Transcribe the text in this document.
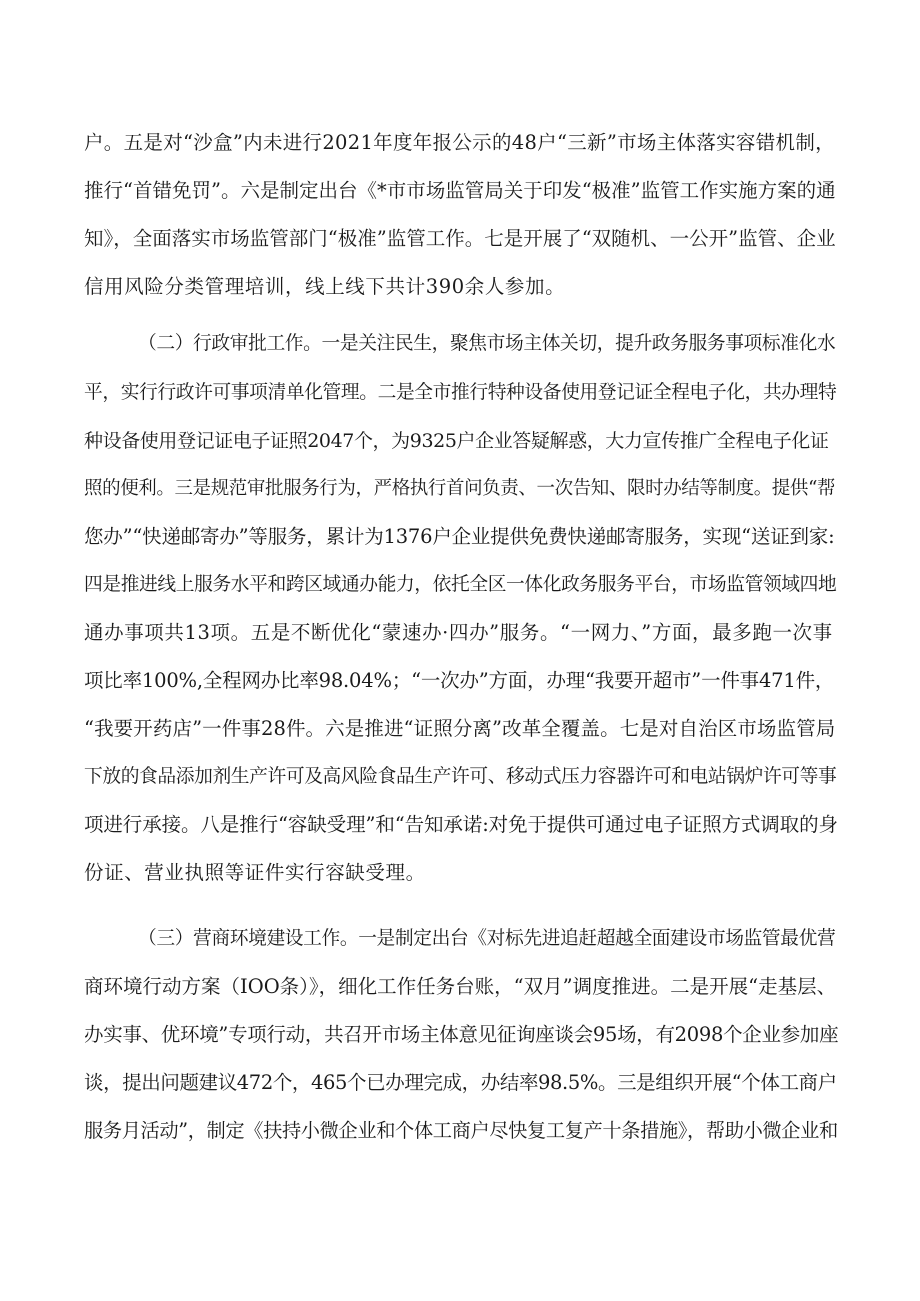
户。五是对“沙盒”内未进行2021年度年报公示的48户“三新”市场主体落实容错机制，
推行“首错免罚”。六是制定出台《*市市场监管局关于印发“极准”监管工作实施方案的通
知》，全面落实市场监管部门“极准”监管工作。七是开展了“双随机、一公开”监管、企业
信用风险分类管理培训，线上线下共计390余人参加。
（二）行政审批工作。一是关注民生，聚焦市场主体关切，提升政务服务事项标准化水
平，实行行政许可事项清单化管理。二是全市推行特种设备使用登记证全程电子化，共办理特
种设备使用登记证电子证照2047个，为9325户企业答疑解惑，大力宣传推广全程电子化证
照的便利。三是规范审批服务行为，严格执行首问负责、一次告知、限时办结等制度。提供“帮
您办”“快递邮寄办”等服务，累计为1376户企业提供免费快递邮寄服务，实现“送证到家:
四是推进线上服务水平和跨区域通办能力，依托全区一体化政务服务平台，市场监管领域四地
通办事项共13项。五是不断优化“蒙速办·四办”服务。“一网力、”方面，最多跑一次事
项比率100%,全程网办比率98.04%；“一次办”方面，办理“我要开超市”一件事471件，
“我要开药店”一件事28件。六是推进“证照分离”改革全覆盖。七是对自治区市场监管局
下放的食品添加剂生产许可及高风险食品生产许可、移动式压力容器许可和电站锅炉许可等事
项进行承接。八是推行“容缺受理”和“告知承诺:对免于提供可通过电子证照方式调取的身
份证、营业执照等证件实行容缺受理。
（三）营商环境建设工作。一是制定出台《对标先进追赶超越全面建设市场监管最优营
商环境行动方案（IOO条）》，细化工作任务台账，“双月”调度推进。二是开展“走基层、
办实事、优环境”专项行动，共召开市场主体意见征询座谈会95场，有2098个企业参加座
谈，提出问题建议472个，465个已办理完成，办结率98.5%。三是组织开展“个体工商户
服务月活动”，制定《扶持小微企业和个体工商户尽快复工复产十条措施》，帮助小微企业和
